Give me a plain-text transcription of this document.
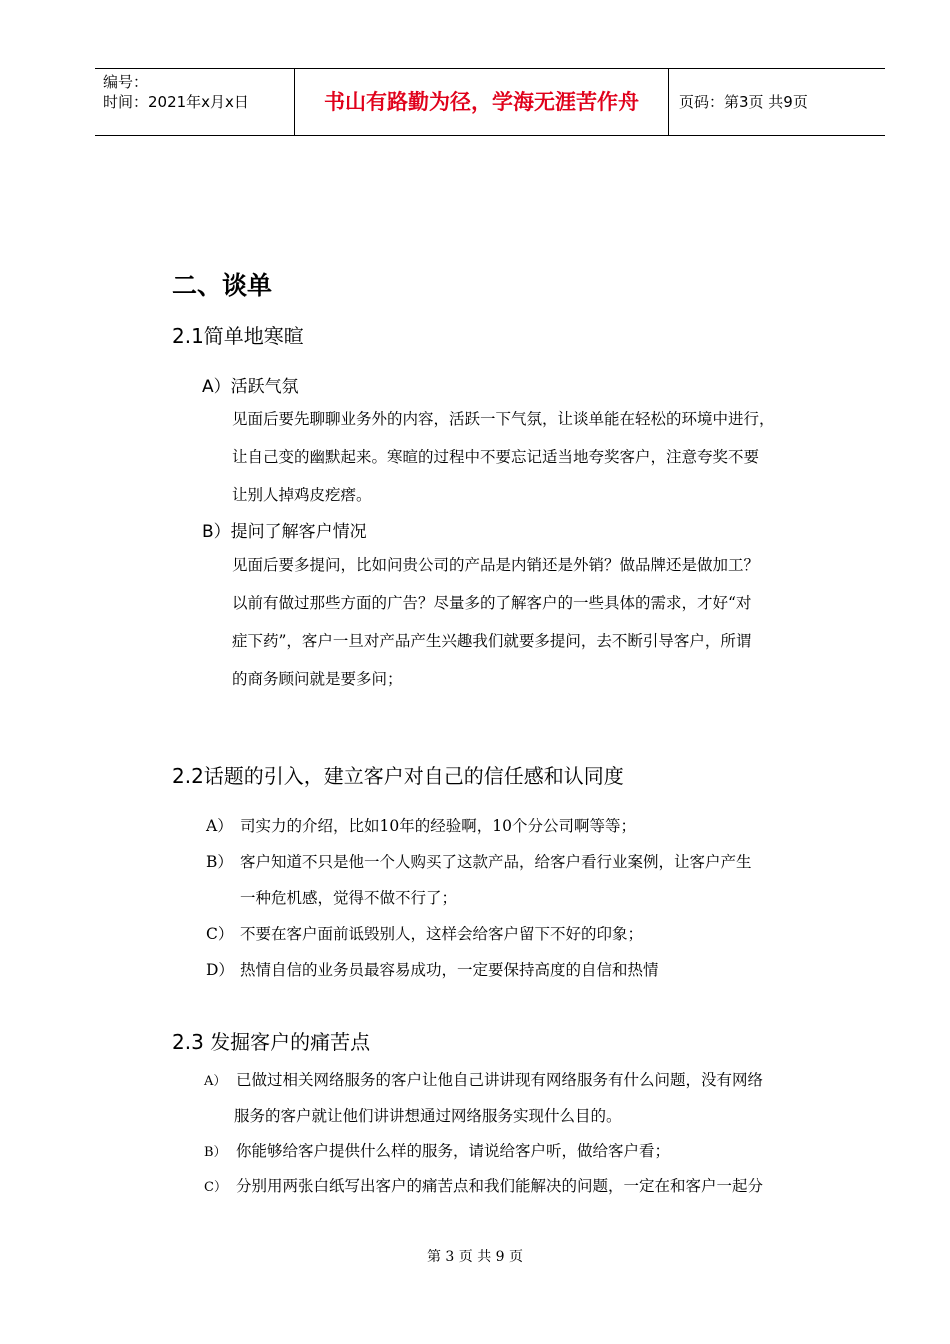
编号：
时间：2021年x月x日	书山有路勤为径，学海无涯苦作舟	页码：第3页 共9页
二、谈单
2.1简单地寒暄
A）活跃气氛
见面后要先聊聊业务外的内容，活跃一下气氛，让谈单能在轻松的环境中进行，
让自己变的幽默起来。寒暄的过程中不要忘记适当地夸奖客户，注意夸奖不要
让别人掉鸡皮疙瘩。
B）提问了解客户情况
见面后要多提问，比如问贵公司的产品是内销还是外销？做品牌还是做加工？
以前有做过那些方面的广告？尽量多的了解客户的一些具体的需求，才好“对
症下药”，客户一旦对产品产生兴趣我们就要多提问，去不断引导客户，所谓
的商务顾问就是要多问；
2.2话题的引入，建立客户对自己的信任感和认同度
A） 司实力的介绍，比如10年的经验啊，10个分公司啊等等；
B） 客户知道不只是他一个人购买了这款产品，给客户看行业案例，让客户产生
一种危机感，觉得不做不行了；
C） 不要在客户面前诋毁别人，这样会给客户留下不好的印象；
D） 热情自信的业务员最容易成功，一定要保持高度的自信和热情
2.3 发掘客户的痛苦点
A） 已做过相关网络服务的客户让他自己讲讲现有网络服务有什么问题，没有网络
服务的客户就让他们讲讲想通过网络服务实现什么目的。
B） 你能够给客户提供什么样的服务，请说给客户听，做给客户看；
C） 分别用两张白纸写出客户的痛苦点和我们能解决的问题，一定在和客户一起分
第 3 页 共 9 页
